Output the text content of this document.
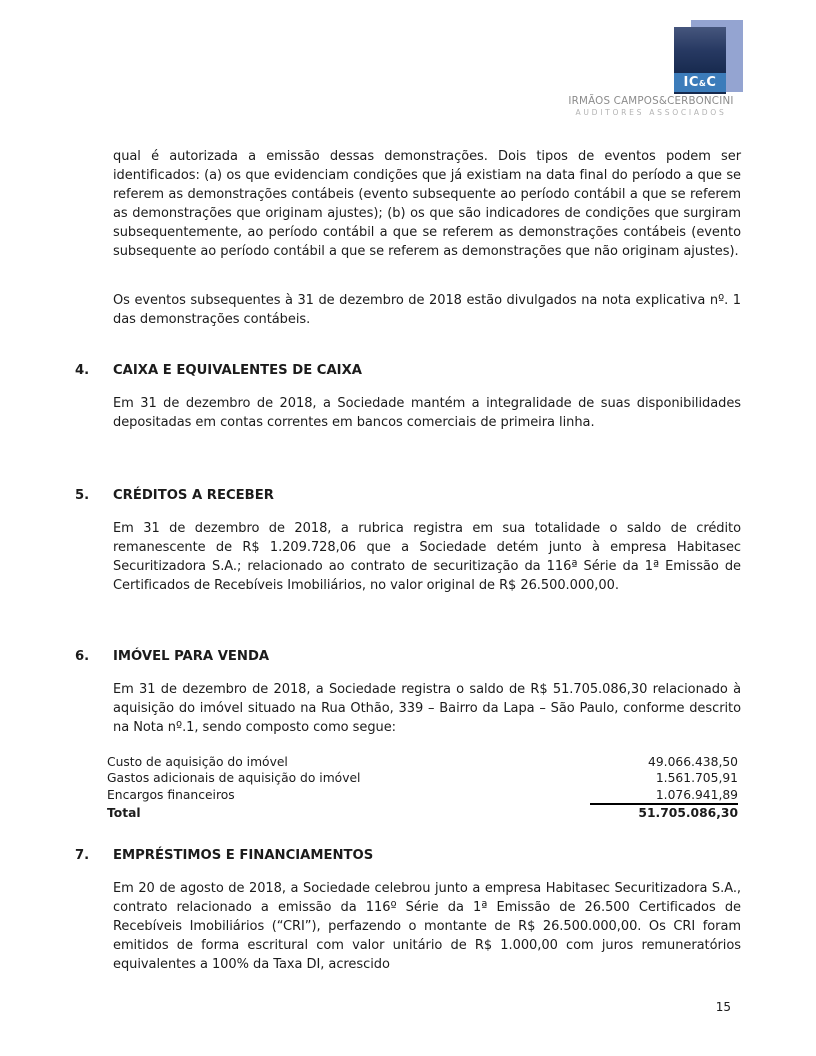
IC & C
IRMÃOS CAMPOS&CERBONCINI
AUDITORES ASSOCIADOS
qual é autorizada a emissão dessas demonstrações. Dois tipos de eventos podem ser identificados: (a) os que evidenciam condições que já existiam na data final do período a que se referem as demonstrações contábeis (evento subsequente ao período contábil a que se referem as demonstrações que originam ajustes); (b) os que são indicadores de condições que surgiram subsequentemente, ao período contábil a que se referem as demonstrações contábeis (evento subsequente ao período contábil a que se referem as demonstrações que não originam ajustes).
Os eventos subsequentes à 31 de dezembro de 2018 estão divulgados na nota explicativa nº. 1 das demonstrações contábeis.
4.	CAIXA E EQUIVALENTES DE CAIXA
Em 31 de dezembro de 2018, a Sociedade mantém a integralidade de suas disponibilidades depositadas em contas correntes em bancos comerciais de primeira linha.
5.	CRÉDITOS A RECEBER
Em 31 de dezembro de 2018, a rubrica registra em sua totalidade o saldo de crédito remanescente de R$ 1.209.728,06 que a Sociedade detém junto à empresa Habitasec Securitizadora S.A.; relacionado ao contrato de securitização da 116ª Série da 1ª Emissão de Certificados de Recebíveis Imobiliários, no valor original de R$ 26.500.000,00.
6.	IMÓVEL PARA VENDA
Em 31 de dezembro de 2018, a Sociedade registra o saldo de R$ 51.705.086,30 relacionado à aquisição do imóvel situado na Rua Othão, 339 – Bairro da Lapa – São Paulo, conforme descrito na Nota nº.1, sendo composto como segue:
Custo de aquisição do imóvel	49.066.438,50
Gastos adicionais de aquisição do imóvel	1.561.705,91
Encargos financeiros	1.076.941,89
Total	51.705.086,30
7.	EMPRÉSTIMOS E FINANCIAMENTOS
Em 20 de agosto de 2018, a Sociedade celebrou junto a empresa Habitasec Securitizadora S.A., contrato relacionado a emissão da 116º Série da 1ª Emissão de 26.500 Certificados de Recebíveis Imobiliários (“CRI”), perfazendo o montante de R$ 26.500.000,00. Os CRI foram emitidos de forma escritural com valor unitário de R$ 1.000,00 com juros remuneratórios equivalentes a 100% da Taxa DI, acrescido
15
